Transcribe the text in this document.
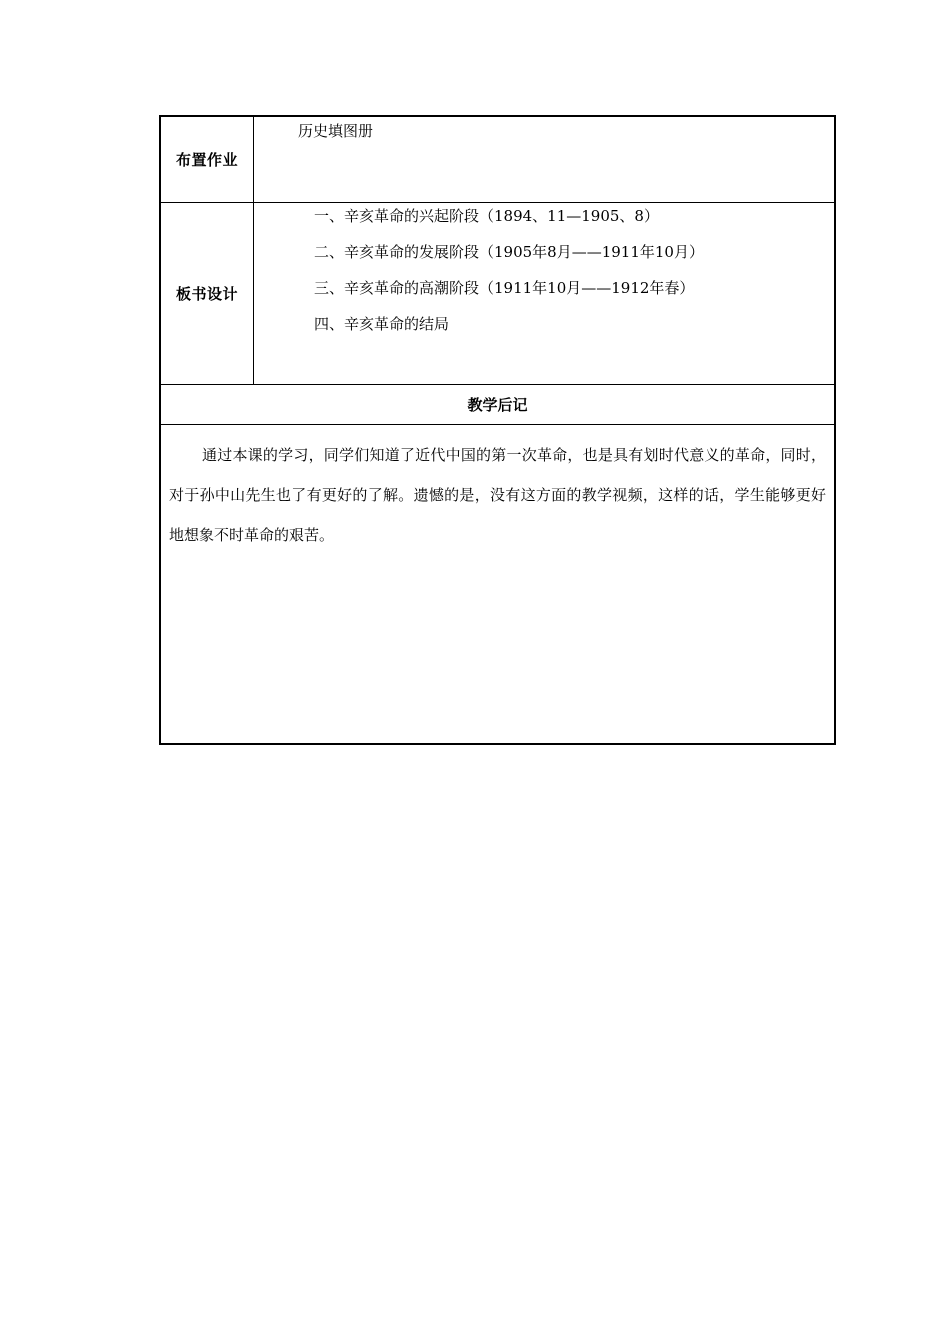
布置作业
历史填图册
板书设计
一、辛亥革命的兴起阶段（1894、11—1905、8）
二、辛亥革命的发展阶段（1905年8月——1911年10月）
三、辛亥革命的高潮阶段（1911年10月——1912年春）
四、辛亥革命的结局
教学后记
通过本课的学习，同学们知道了近代中国的第一次革命，也是具有划时代意义的革命，同时，对于孙中山先生也了有更好的了解。遗憾的是，没有这方面的教学视频，这样的话，学生能够更好地想象不时革命的艰苦。
